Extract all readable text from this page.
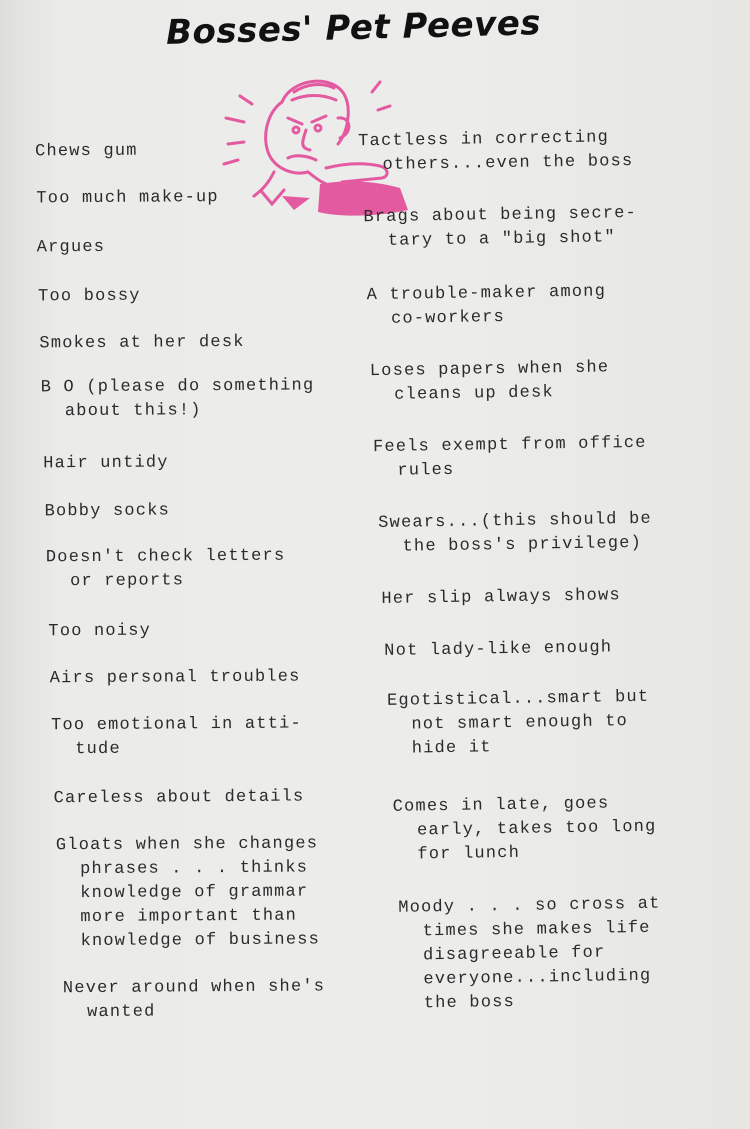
Bosses' Pet Peeves
Chews gum
Too much make-up
Argues
Too bossy
Smokes at her desk
B O (please do something
about this!)
Hair untidy
Bobby socks
Doesn't check letters
or reports
Too noisy
Airs personal troubles
Too emotional in atti-
tude
Careless about details
Gloats when she changes
phrases . . . thinks
knowledge of grammar
more important than
knowledge of business
Never around when she's
wanted
Tactless in correcting
others...even the boss
Brags about being secre-
tary to a "big shot"
A trouble-maker among
co-workers
Loses papers when she
cleans up desk
Feels exempt from office
rules
Swears...(this should be
the boss's privilege)
Her slip always shows
Not lady-like enough
Egotistical...smart but
not smart enough to
hide it
Comes in late, goes
early, takes too long
for lunch
Moody . . . so cross at
times she makes life
disagreeable for
everyone...including
the boss
